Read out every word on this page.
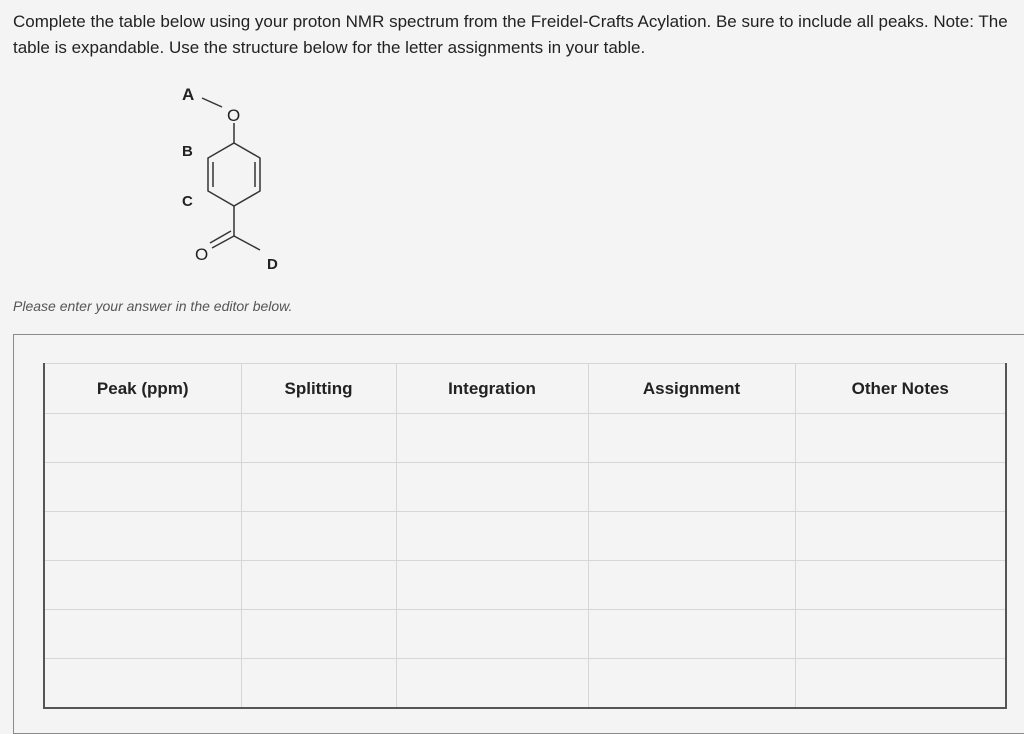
Complete the table below using your proton NMR spectrum from the Freidel-Crafts Acylation. Be sure to include all peaks. Note: The table is expandable. Use the structure below for the letter assignments in your table.

A
O
B
C
O
D

Please enter your answer in the editor below.

Peak (ppm)	Splitting	Integration	Assignment	Other Notes
